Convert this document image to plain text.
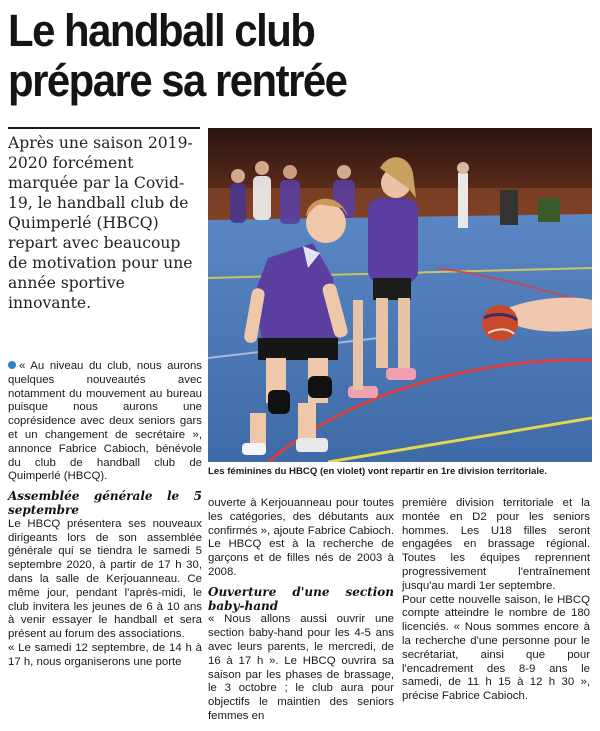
Le handball club
prépare sa rentrée

Après une saison 2019-2020 forcément marquée par la Covid-19, le handball club de Quimperlé (HBCQ) repart avec beaucoup de motivation pour une année sportive innovante.

Les féminines du HBCQ (en violet) vont repartir en 1re division territoriale.

« Au niveau du club, nous aurons quelques nouveautés avec notamment du mouvement au bureau puisque nous aurons une coprésidence avec deux seniors gars et un changement de secrétaire », annonce Fabrice Cabioch, bénévole du club de handball club de Quimperlé (HBCQ).

Assemblée générale le 5 septembre

Le HBCQ présentera ses nouveaux dirigeants lors de son assemblée générale qui se tiendra le samedi 5 septembre 2020, à partir de 17 h 30, dans la salle de Kerjouanneau. Ce même jour, pendant l'après-midi, le club invitera les jeunes de 6 à 10 ans à venir essayer le handball et sera présent au forum des associations.

« Le samedi 12 septembre, de 14 h à 17 h, nous organiserons une porte

ouverte à Kerjouanneau pour toutes les catégories, des débutants aux confirmés », ajoute Fabrice Cabioch. Le HBCQ est à la recherche de garçons et de filles nés de 2003 à 2008.

Ouverture d'une section baby-hand

« Nous allons aussi ouvrir une section baby-hand pour les 4-5 ans avec leurs parents, le mercredi, de 16 à 17 h ». Le HBCQ ouvrira sa saison par les phases de brassage, le 3 octobre ; le club aura pour objectifs le maintien des seniors femmes en

première division territoriale et la montée en D2 pour les seniors hommes. Les U18 filles seront engagées en brassage régional. Toutes les équipes reprennent progressivement l'entraînement jusqu'au mardi 1er septembre.

Pour cette nouvelle saison, le HBCQ compte atteindre le nombre de 180 licenciés. « Nous sommes encore à la recherche d'une personne pour le secrétariat, ainsi que pour l'encadrement des 8-9 ans le samedi, de 11 h 15 à 12 h 30 », précise Fabrice Cabioch.
